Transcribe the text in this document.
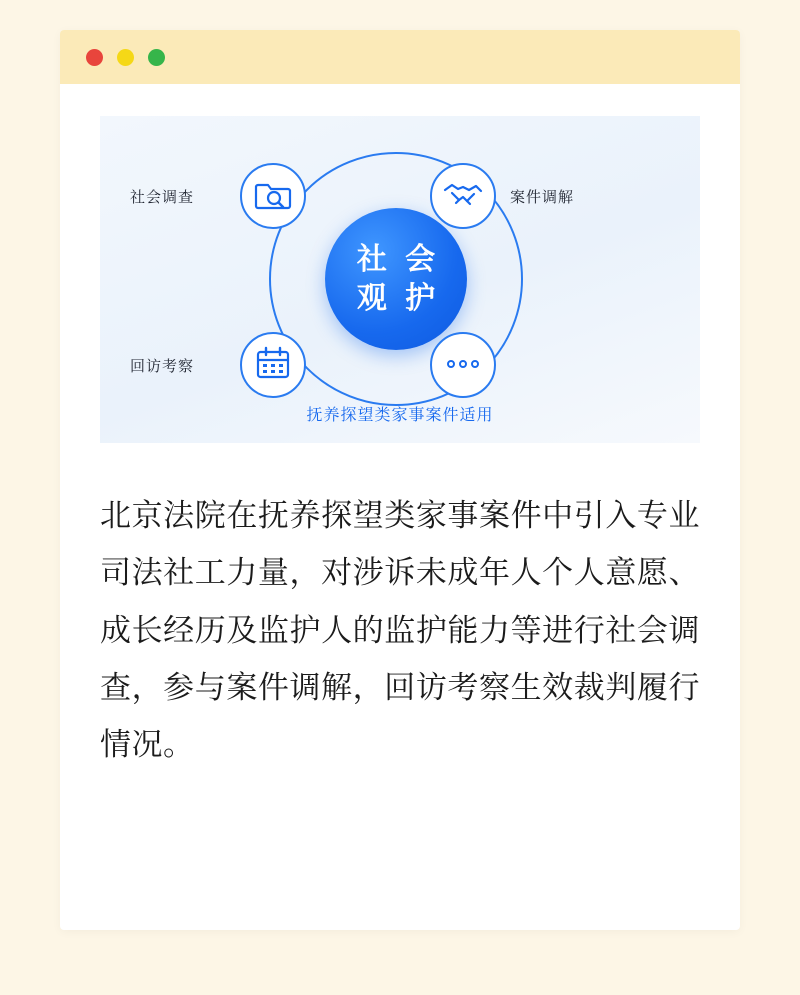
社 会
观 护
社会调查	案件调解
回访考察
抚养探望类家事案件适用
北京法院在抚养探望类家事案件中引入专业司法社工力量，对涉诉未成年人个人意愿、成长经历及监护人的监护能力等进行社会调查，参与案件调解，回访考察生效裁判履行情况。
